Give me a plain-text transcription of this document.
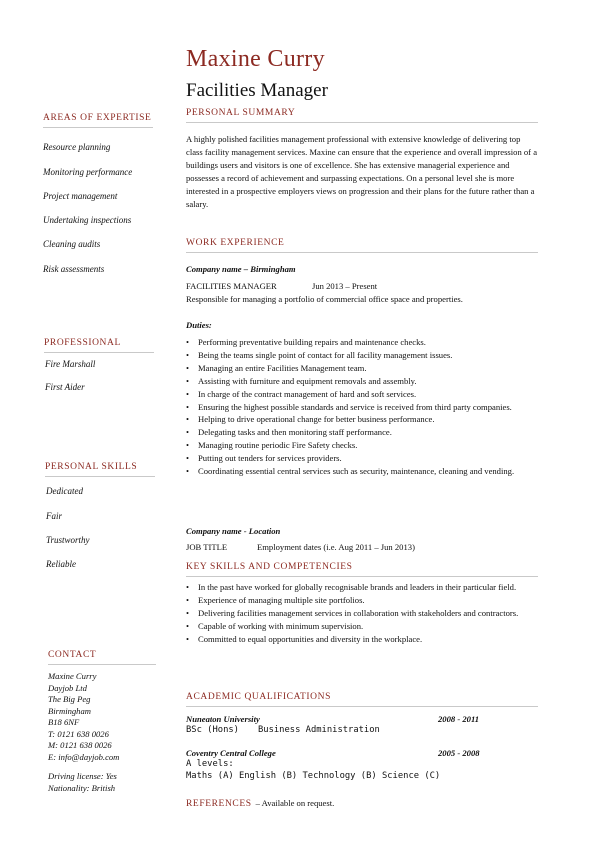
Maxine Curry
Facilities Manager
AREAS OF EXPERTISE
Resource planning
Monitoring performance
Project management
Undertaking inspections
Cleaning audits
Risk assessments
PROFESSIONAL
Fire Marshall
First Aider
PERSONAL SKILLS
Dedicated
Fair
Trustworthy
Reliable
CONTACT
Maxine Curry
Dayjob Ltd
The Big Peg
Birmingham
B18 6NF
T: 0121 638 0026
M: 0121 638 0026
E: info@dayjob.com
Driving license: Yes
Nationality: British
PERSONAL SUMMARY
A highly polished facilities management professional with extensive knowledge of delivering top class facility management services. Maxine can ensure that the experience and overall impression of a buildings users and visitors is one of excellence. She has extensive managerial experience and possesses a record of achievement and surpassing expectations. On a personal level she is more interested in a prospective employers views on progression and their plans for the future rather than a salary.
WORK EXPERIENCE
Company name – Birmingham
FACILITIES MANAGER	Jun 2013 – Present
Responsible for managing a portfolio of commercial office space and properties.
Duties:
• Performing preventative building repairs and maintenance checks.
• Being the teams single point of contact for all facility management issues.
• Managing an entire Facilities Management team.
• Assisting with furniture and equipment removals and assembly.
• In charge of the contract management of hard and soft services.
• Ensuring the highest possible standards and service is received from third party companies.
• Helping to drive operational change for better business performance.
• Delegating tasks and then monitoring staff performance.
• Managing routine periodic Fire Safety checks.
• Putting out tenders for services providers.
• Coordinating essential central services such as security, maintenance, cleaning and vending.
Company name - Location
JOB TITLE	Employment dates (i.e. Aug 2011 – Jun 2013)
KEY SKILLS AND COMPETENCIES
• In the past have worked for globally recognisable brands and leaders in their particular field.
• Experience of managing multiple site portfolios.
• Delivering facilities management services in collaboration with stakeholders and contractors.
• Capable of working with minimum supervision.
• Committed to equal opportunities and diversity in the workplace.
ACADEMIC QUALIFICATIONS
Nuneaton University	2008 - 2011
BSc (Hons) Business Administration
Coventry Central College	2005 - 2008
A levels:
Maths (A) English (B) Technology (B) Science (C)
REFERENCES – Available on request.
